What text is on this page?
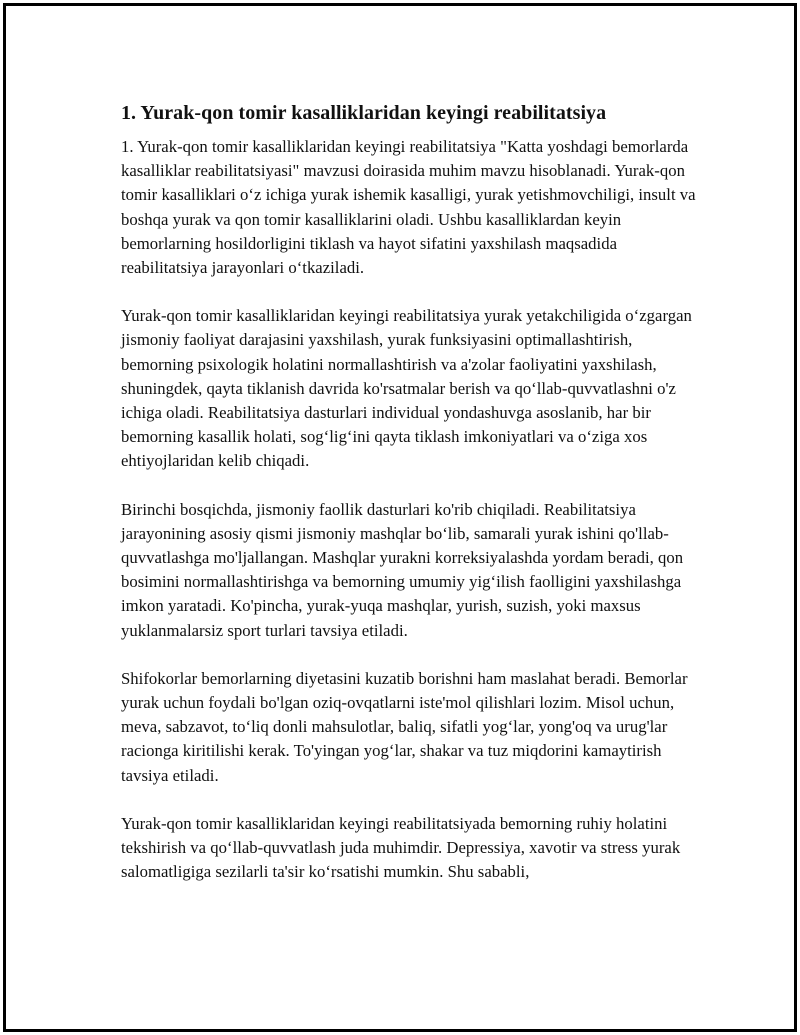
1. Yurak-qon tomir kasalliklaridan keyingi reabilitatsiya

1. Yurak-qon tomir kasalliklaridan keyingi reabilitatsiya "Katta yoshdagi bemorlarda kasalliklar reabilitatsiyasi" mavzusi doirasida muhim mavzu hisoblanadi. Yurak-qon tomir kasalliklari o‘z ichiga yurak ishemik kasalligi, yurak yetishmovchiligi, insult va boshqa yurak va qon tomir kasalliklarini oladi. Ushbu kasalliklardan keyin bemorlarning hosildorligini tiklash va hayot sifatini yaxshilash maqsadida reabilitatsiya jarayonlari o‘tkaziladi.

Yurak-qon tomir kasalliklaridan keyingi reabilitatsiya yurak yetakchiligida o‘zgargan jismoniy faoliyat darajasini yaxshilash, yurak funksiyasini optimallashtirish, bemorning psixologik holatini normallashtirish va a'zolar faoliyatini yaxshilash, shuningdek, qayta tiklanish davrida ko'rsatmalar berish va qo‘llab-quvvatlashni o'z ichiga oladi. Reabilitatsiya dasturlari individual yondashuvga asoslanib, har bir bemorning kasallik holati, sog‘lig‘ini qayta tiklash imkoniyatlari va o‘ziga xos ehtiyojlaridan kelib chiqadi.

Birinchi bosqichda, jismoniy faollik dasturlari ko'rib chiqiladi. Reabilitatsiya jarayonining asosiy qismi jismoniy mashqlar bo‘lib, samarali yurak ishini qo'llab-quvvatlashga mo'ljallangan. Mashqlar yurakni korreksiyalashda yordam beradi, qon bosimini normallashtirishga va bemorning umumiy yig‘ilish faolligini yaxshilashga imkon yaratadi. Ko'pincha, yurak-yuqa mashqlar, yurish, suzish, yoki maxsus yuklanmalarsiz sport turlari tavsiya etiladi.

Shifokorlar bemorlarning diyetasini kuzatib borishni ham maslahat beradi. Bemorlar yurak uchun foydali bo'lgan oziq-ovqatlarni iste'mol qilishlari lozim. Misol uchun, meva, sabzavot, to‘liq donli mahsulotlar, baliq, sifatli yog‘lar, yong'oq va urug'lar racionga kiritilishi kerak. To'yingan yog‘lar, shakar va tuz miqdorini kamaytirish tavsiya etiladi.

Yurak-qon tomir kasalliklaridan keyingi reabilitatsiyada bemorning ruhiy holatini tekshirish va qo‘llab-quvvatlash juda muhimdir. Depressiya, xavotir va stress yurak salomatligiga sezilarli ta'sir ko‘rsatishi mumkin. Shu sababli,
